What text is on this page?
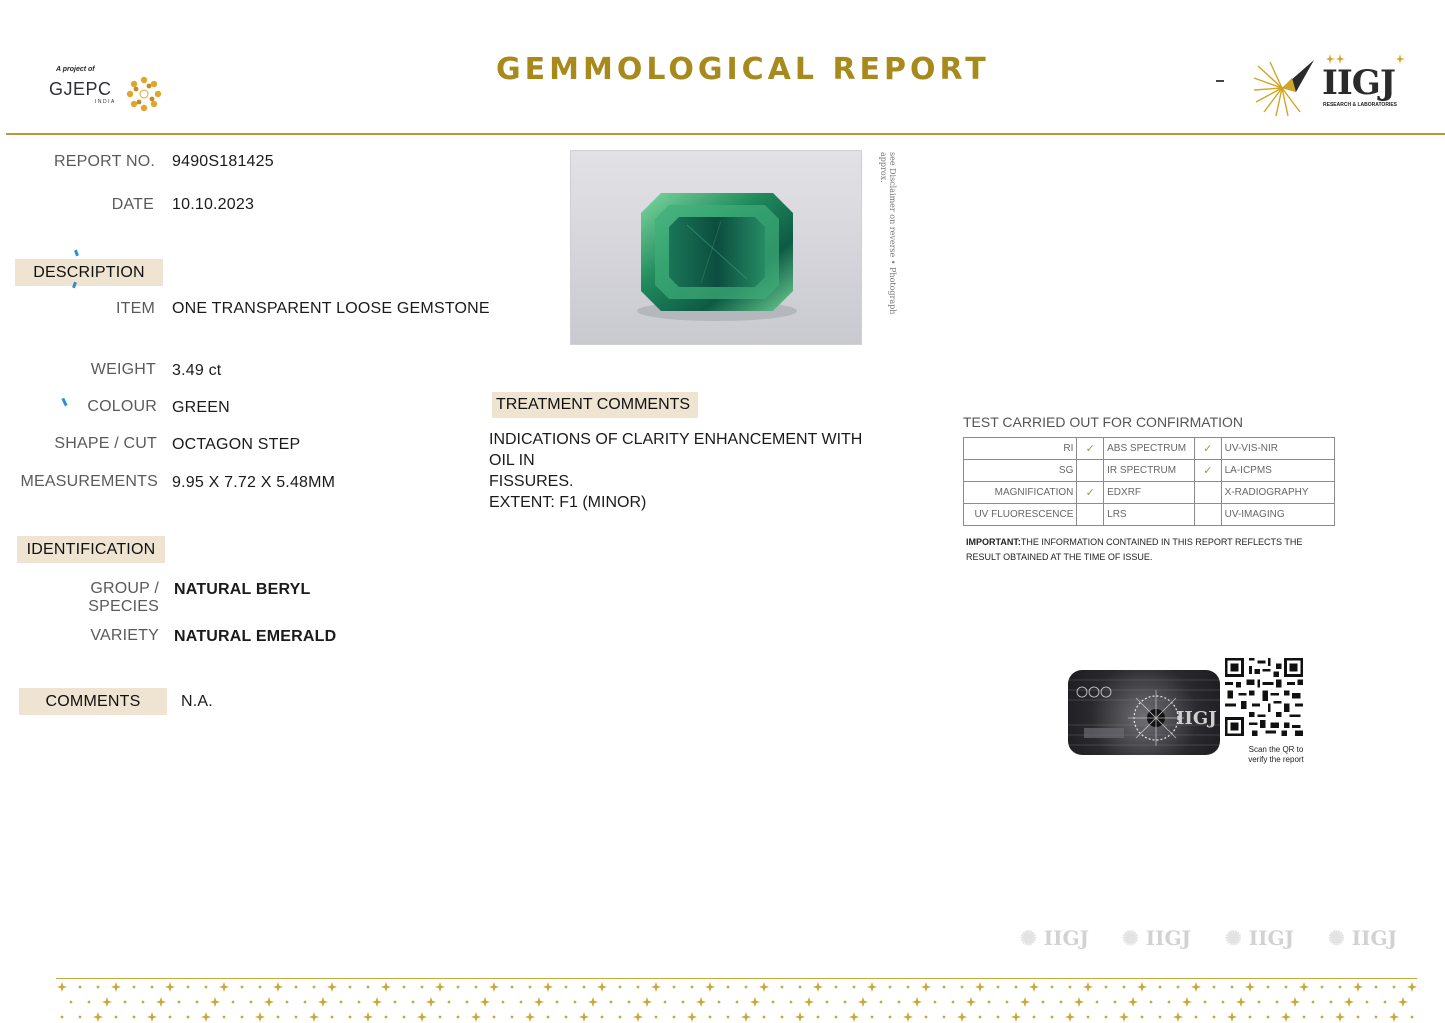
A project of
GJEPC
INDIA
GEMMOLOGICAL REPORT	IIGJ
RESEARCH & LABORATORIES
REPORT NO. 9490S181425
DATE 10.10.2023
DESCRIPTION
ITEM ONE TRANSPARENT LOOSE GEMSTONE
WEIGHT 3.49 ct
COLOUR GREEN
SHAPE / CUT OCTAGON STEP
MEASUREMENTS 9.95 X 7.72 X 5.48MM
IDENTIFICATION
GROUP / SPECIES
NATURAL BERYL
VARIETY NATURAL EMERALD
COMMENTS	N.A.
see Disclaimer on reverse • Photograph approx.
TREATMENT COMMENTS
INDICATIONS OF CLARITY ENHANCEMENT WITH OIL IN
FISSURES.
EXTENT: F1 (MINOR)
TEST CARRIED OUT FOR CONFIRMATION
RI	✓	ABS SPECTRUM	✓	UV-VIS-NIR
SG		IR SPECTRUM	✓	LA-ICPMS
MAGNIFICATION	✓	EDXRF		X-RADIOGRAPHY
UV FLUORESCENCE		LRS		UV-IMAGING
IMPORTANT:THE INFORMATION CONTAINED IN THIS REPORT REFLECTS THE RESULT OBTAINED AT THE TIME OF ISSUE.
IIGJ
Scan the QR to
verify the report
✺ IIGJ ✺ IIGJ ✺ IIGJ ✺ IIGJ
